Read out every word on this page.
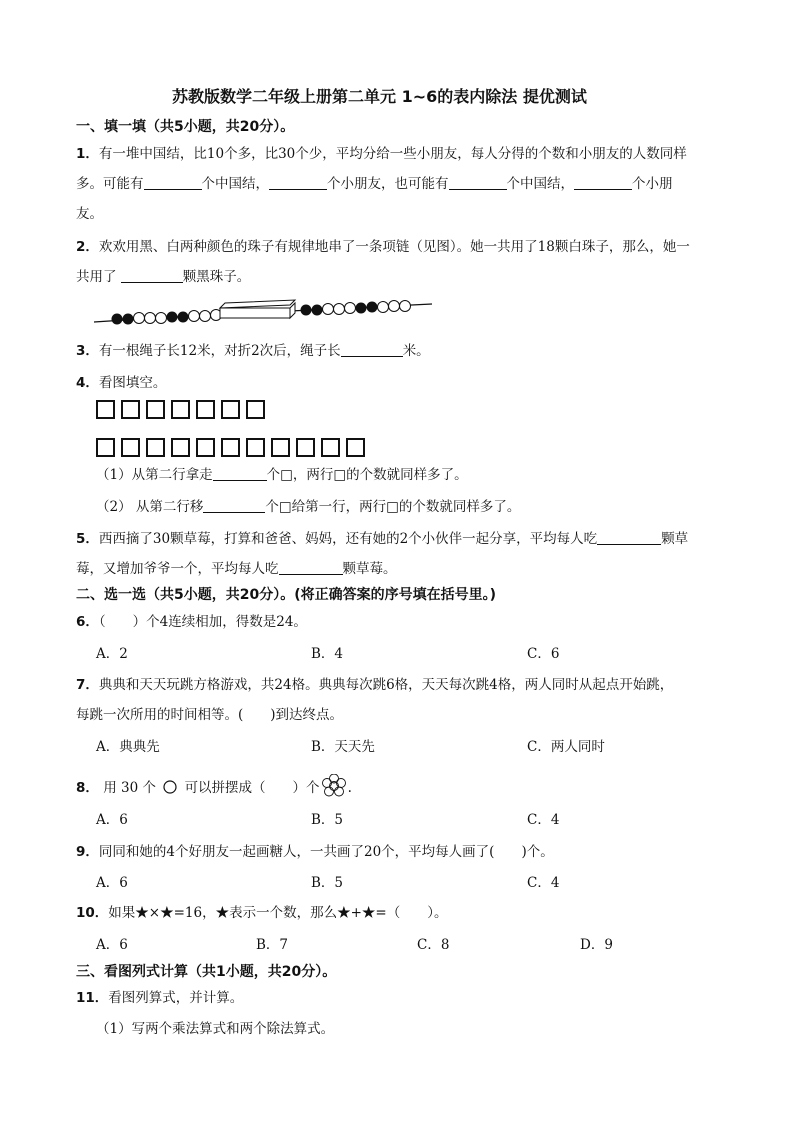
苏教版数学二年级上册第二单元 1~6的表内除法 提优测试
一、填一填（共5小题，共20分）。
1．有一堆中国结，比10个多，比30个少，平均分给一些小朋友，每人分得的个数和小朋友的人数同样
多。可能有	个中国结，	个小朋友，也可能有	个中国结，	个小朋
友。
2．欢欢用黑、白两种颜色的珠子有规律地串了一条项链（见图）。她一共用了18颗白珠子，那么，她一
共用了	颗黑珠子。
3．有一根绳子长12米，对折2次后，绳子长	米。
4．看图填空。
（1）从第二行拿走	个□，两行□的个数就同样多了。
（2） 从第二行移	个□给第一行，两行□的个数就同样多了。
5．西西摘了30颗草莓，打算和爸爸、妈妈，还有她的2个小伙伴一起分享，平均每人吃	颗草
莓，又增加爷爷一个，平均每人吃	颗草莓。
二、选一选（共5小题，共20分）。(将正确答案的序号填在括号里。)
6．（　　）个4连续相加，得数是24。
A．2	B．4	C．6
7．典典和天天玩跳方格游戏，共24格。典典每次跳6格，天天每次跳4格，两人同时从起点开始跳，
每跳一次所用的时间相等。(　　)到达终点。
A．典典先	B．天天先	C．两人同时
8． 用 30 个 可以拼摆成（　　）个 .
A．6	B．5	C．4
9．同同和她的4个好朋友一起画糖人，一共画了20个，平均每人画了(　　)个。
A．6	B．5	C．4
10．如果★×★=16，★表示一个数，那么★+★=（　　）。
A．6	B．7	C．8	D．9
三、看图列式计算（共1小题，共20分）。
11．看图列算式，并计算。
（1）写两个乘法算式和两个除法算式。
